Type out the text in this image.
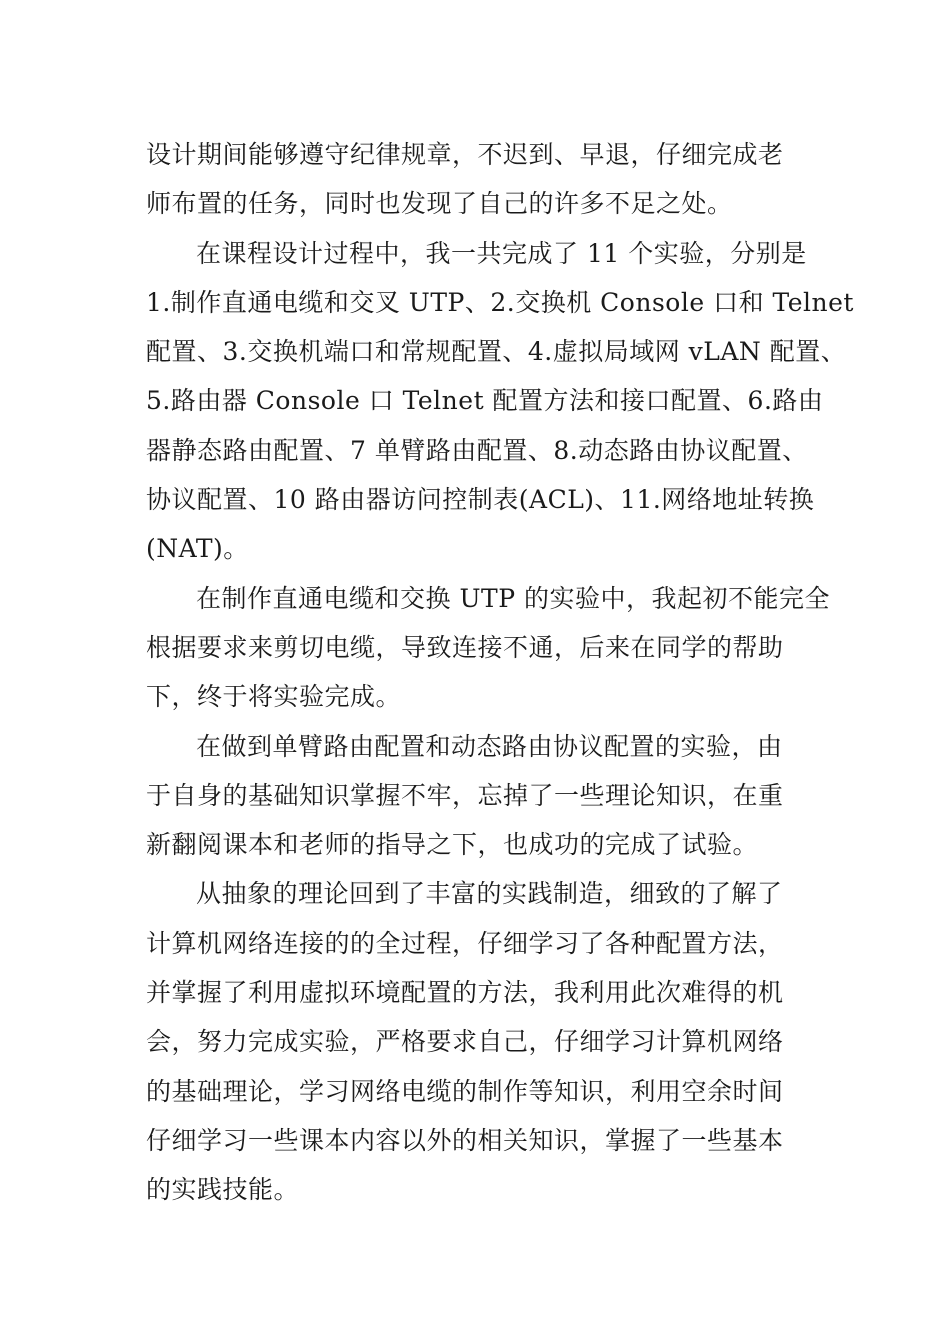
设计期间能够遵守纪律规章，不迟到、早退，仔细完成老
师布置的任务，同时也发现了自己的许多不足之处。
在课程设计过程中，我一共完成了 11 个实验，分别是
1.制作直通电缆和交叉 UTP、2.交换机 Console 口和 Telnet
配置、3.交换机端口和常规配置、4.虚拟局域网 vLAN 配置、
5.路由器 Console 口 Telnet 配置方法和接口配置、6.路由
器静态路由配置、7 单臂路由配置、8.动态路由协议配置、
协议配置、10 路由器访问控制表(ACL)、11.网络地址转换
(NAT)。
在制作直通电缆和交换 UTP 的实验中，我起初不能完全
根据要求来剪切电缆，导致连接不通，后来在同学的帮助
下，终于将实验完成。
在做到单臂路由配置和动态路由协议配置的实验，由
于自身的基础知识掌握不牢，忘掉了一些理论知识，在重
新翻阅课本和老师的指导之下，也成功的完成了试验。
从抽象的理论回到了丰富的实践制造，细致的了解了
计算机网络连接的的全过程，仔细学习了各种配置方法，
并掌握了利用虚拟环境配置的方法，我利用此次难得的机
会，努力完成实验，严格要求自己，仔细学习计算机网络
的基础理论，学习网络电缆的制作等知识，利用空余时间
仔细学习一些课本内容以外的相关知识，掌握了一些基本
的实践技能。
